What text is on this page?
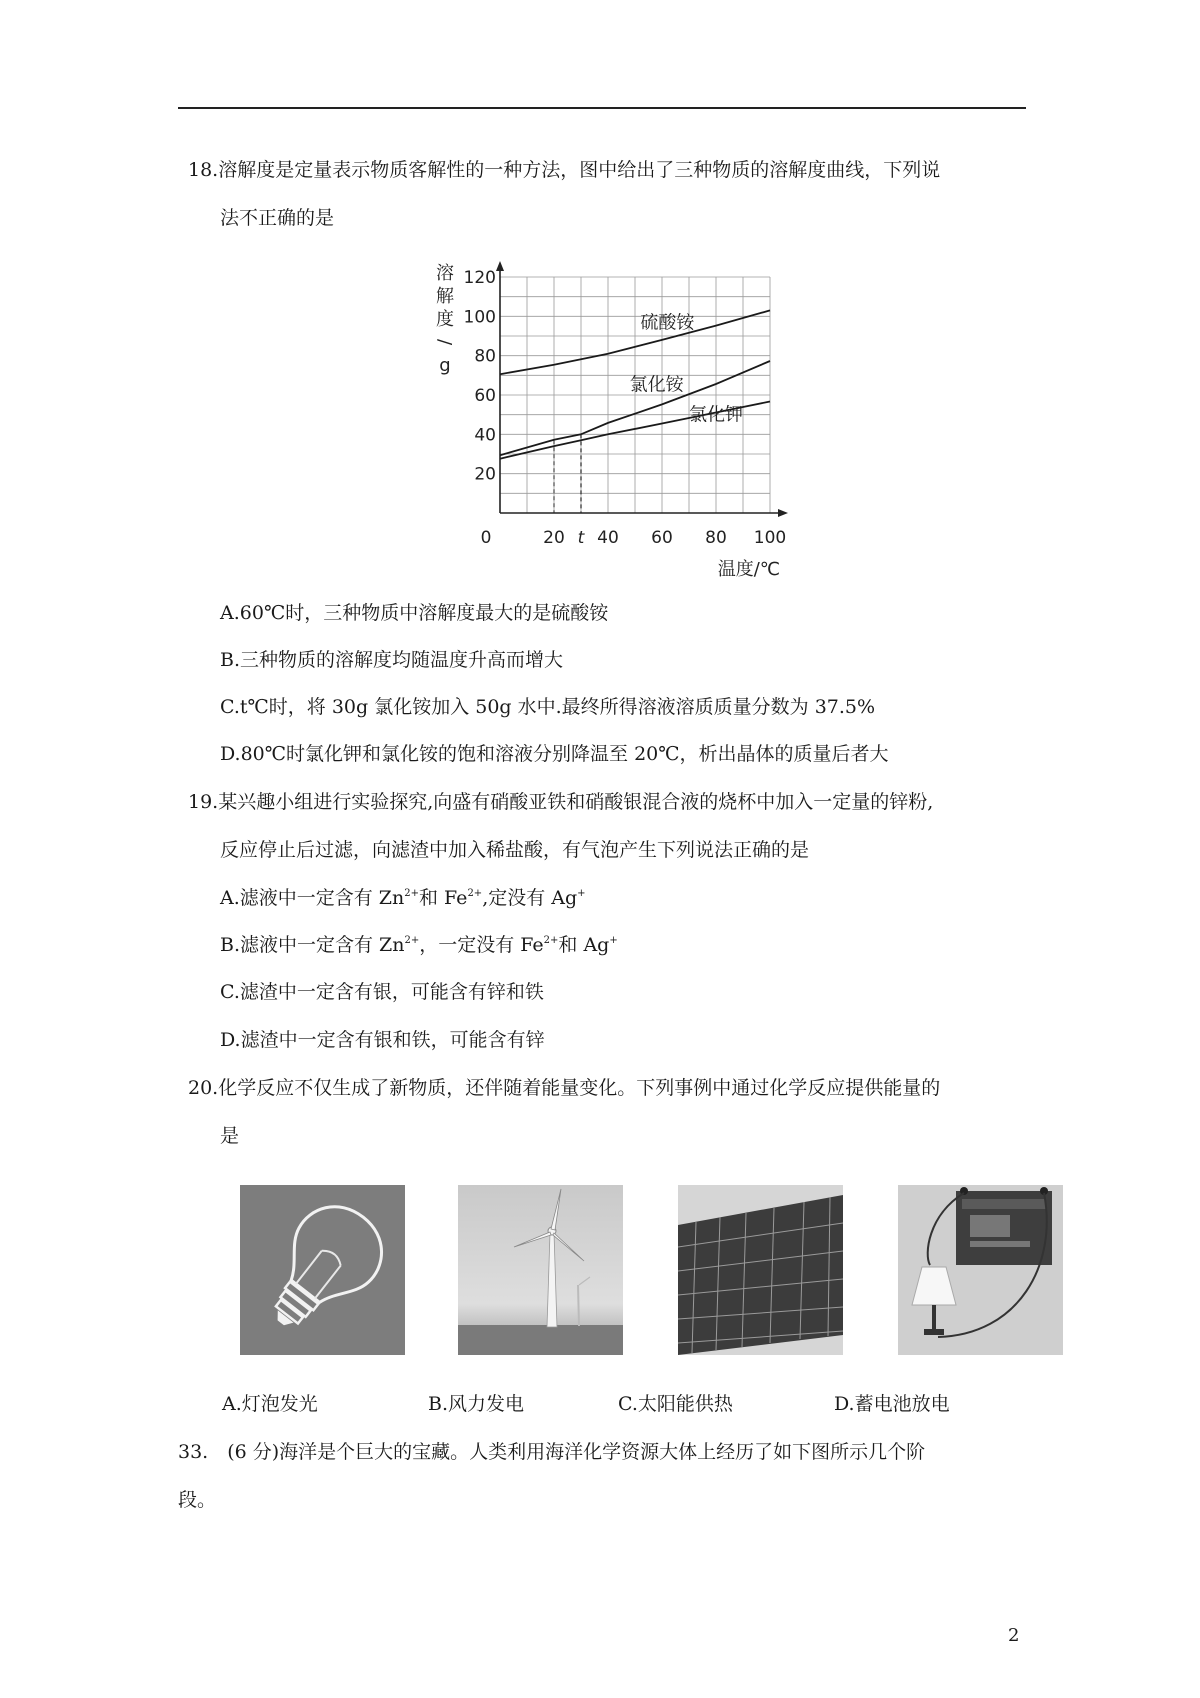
18.溶解度是定量表示物质客解性的一种方法，图中给出了三种物质的溶解度曲线，下列说
法不正确的是
20
40
60
80
100
120
0	20 t 40 60 80 100
硫酸铵
氯化铵
氯化钾
溶
解
度
/
g
温度/℃
A.60℃时，三种物质中溶解度最大的是硫酸铵
B.三种物质的溶解度均随温度升高而增大
C.t℃时，将 30g 氯化铵加入 50g 水中.最终所得溶液溶质质量分数为 37.5%
D.80℃时氯化钾和氯化铵的饱和溶液分别降温至 20℃，析出晶体的质量后者大
19.某兴趣小组进行实验探究,向盛有硝酸亚铁和硝酸银混合液的烧杯中加入一定量的锌粉,
反应停止后过滤，向滤渣中加入稀盐酸，有气泡产生下列说法正确的是
A.滤液中一定含有 $Zn^{2+}$和 $Fe^{2+}$,定没有 Ag+
B.滤液中一定含有 $Zn^{2+}$，一定没有 $Fe^{2+}$和 Ag+
C.滤渣中一定含有银，可能含有锌和铁
D.滤渣中一定含有银和铁，可能含有锌
20.化学反应不仅生成了新物质，还伴随着能量变化。下列事例中通过化学反应提供能量的
是
A.灯泡发光	B.风力发电	C.太阳能供热	D.蓄电池放电
33.　(6 分)海洋是个巨大的宝藏。人类利用海洋化学资源大体上经历了如下图所示几个阶
段。
2
